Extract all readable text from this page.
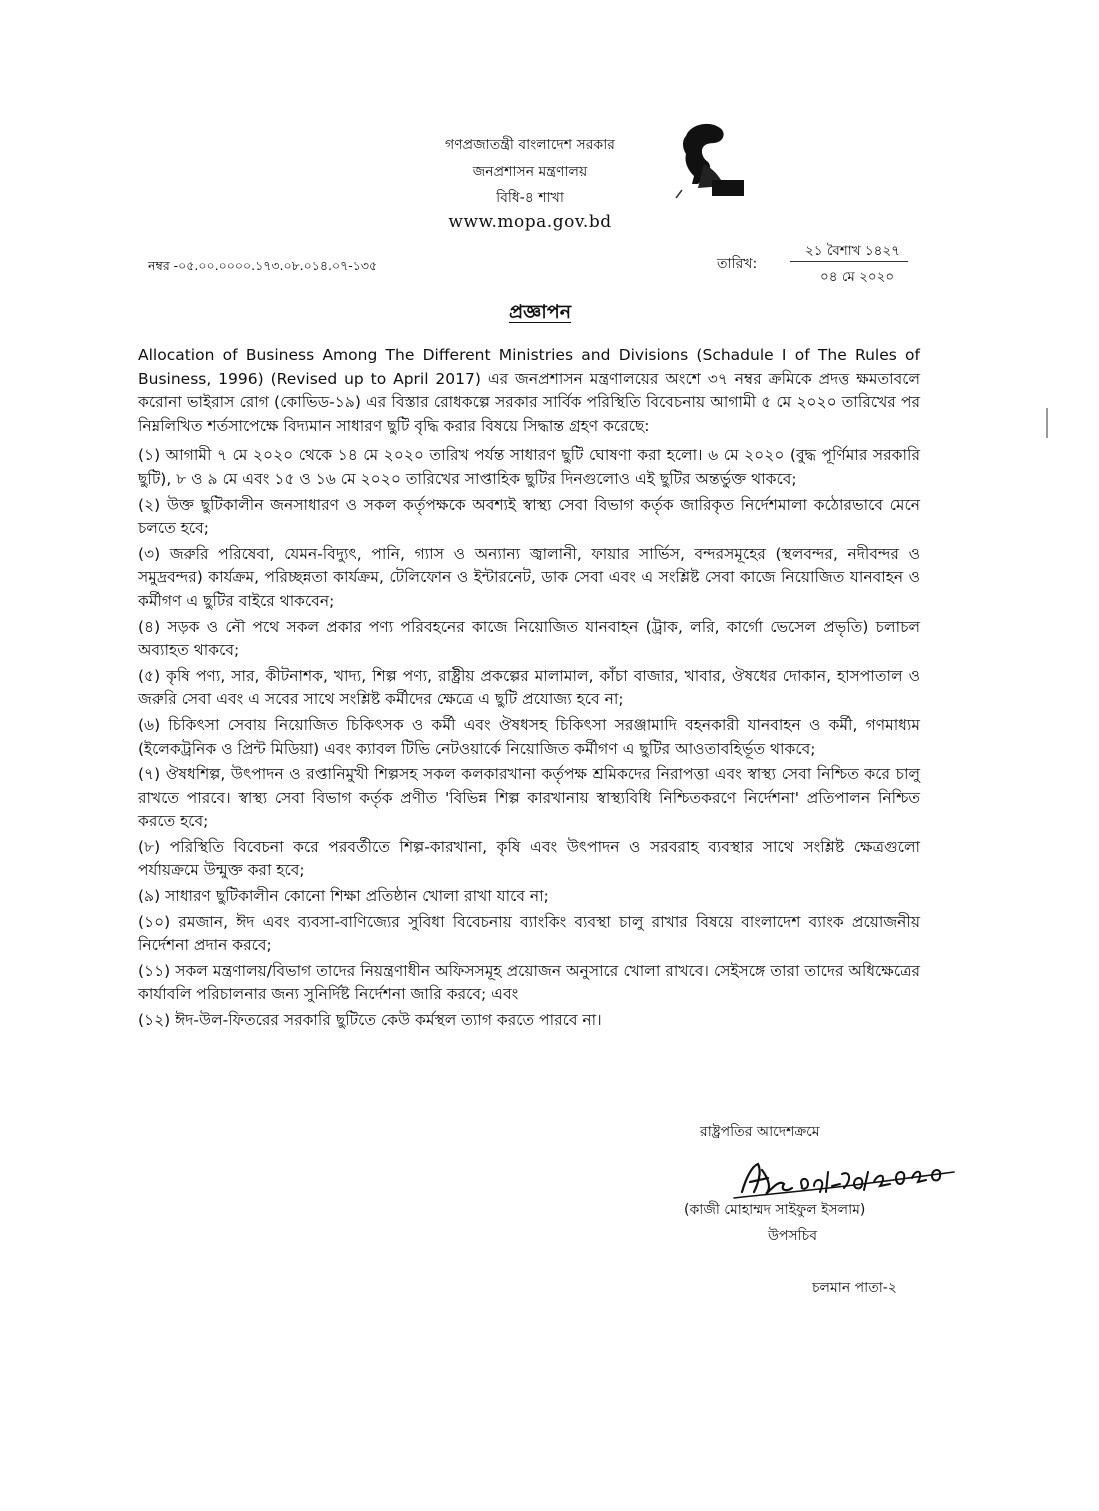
গণপ্রজাতন্ত্রী বাংলাদেশ সরকার
জনপ্রশাসন মন্ত্রণালয়
বিধি-৪ শাখা
www.mopa.gov.bd
নম্বর -০৫.০০.০০০০.১৭৩.০৮.০১৪.০৭-১৩৫	তারিখ:
২১ বৈশাখ ১৪২৭
০৪ মে ২০২০
প্রজ্ঞাপন

Allocation of Business Among The Different Ministries and Divisions (Schadule I of The Rules of Business, 1996) (Revised up to April 2017) এর জনপ্রশাসন মন্ত্রণালয়ের অংশে ৩৭ নম্বর ক্রমিকে প্রদত্ত ক্ষমতাবলে করোনা ভাইরাস রোগ (কোভিড-১৯) এর বিস্তার রোধকল্পে সরকার সার্বিক পরিস্থিতি বিবেচনায় আগামী ৫ মে ২০২০ তারিখের পর নিম্নলিখিত শর্তসাপেক্ষে বিদ্যমান সাধারণ ছুটি বৃদ্ধি করার বিষয়ে সিদ্ধান্ত গ্রহণ করেছে:

(১) আগামী ৭ মে ২০২০ থেকে ১৪ মে ২০২০ তারিখ পর্যন্ত সাধারণ ছুটি ঘোষণা করা হলো। ৬ মে ২০২০ (বুদ্ধ পূর্ণিমার সরকারি ছুটি), ৮ ও ৯ মে এবং ১৫ ও ১৬ মে ২০২০ তারিখের সাপ্তাহিক ছুটির দিনগুলোও এই ছুটির অন্তর্ভুক্ত থাকবে;

(২) উক্ত ছুটিকালীন জনসাধারণ ও সকল কর্তৃপক্ষকে অবশ্যই স্বাস্থ্য সেবা বিভাগ কর্তৃক জারিকৃত নির্দেশমালা কঠোরভাবে মেনে চলতে হবে;

(৩) জরুরি পরিষেবা, যেমন-বিদ্যুৎ, পানি, গ্যাস ও অন্যান্য জ্বালানী, ফায়ার সার্ভিস, বন্দরসমূহের (স্থলবন্দর, নদীবন্দর ও সমুদ্রবন্দর) কার্যক্রম, পরিচ্ছন্নতা কার্যক্রম, টেলিফোন ও ইন্টারনেট, ডাক সেবা এবং এ সংশ্লিষ্ট সেবা কাজে নিয়োজিত যানবাহন ও কর্মীগণ এ ছুটির বাইরে থাকবেন;

(৪) সড়ক ও নৌ পথে সকল প্রকার পণ্য পরিবহনের কাজে নিয়োজিত যানবাহন (ট্রাক, লরি, কার্গো ভেসেল প্রভৃতি) চলাচল অব্যাহত থাকবে;

(৫) কৃষি পণ্য, সার, কীটনাশক, খাদ্য, শিল্প পণ্য, রাষ্ট্রীয় প্রকল্পের মালামাল, কাঁচা বাজার, খাবার, ঔষধের দোকান, হাসপাতাল ও জরুরি সেবা এবং এ সবের সাথে সংশ্লিষ্ট কর্মীদের ক্ষেত্রে এ ছুটি প্রযোজ্য হবে না;

(৬) চিকিৎসা সেবায় নিয়োজিত চিকিৎসক ও কর্মী এবং ঔষধসহ চিকিৎসা সরঞ্জামাদি বহনকারী যানবাহন ও কর্মী, গণমাধ্যম (ইলেকট্রনিক ও প্রিন্ট মিডিয়া) এবং ক্যাবল টিভি নেটওয়ার্কে নিয়োজিত কর্মীগণ এ ছুটির আওতাবহির্ভূত থাকবে;

(৭) ঔষধশিল্প, উৎপাদন ও রপ্তানিমুখী শিল্পসহ সকল কলকারখানা কর্তৃপক্ষ শ্রমিকদের নিরাপত্তা এবং স্বাস্থ্য সেবা নিশ্চিত করে চালু রাখতে পারবে। স্বাস্থ্য সেবা বিভাগ কর্তৃক প্রণীত 'বিভিন্ন শিল্প কারখানায় স্বাস্থ্যবিধি নিশ্চিতকরণে নির্দেশনা' প্রতিপালন নিশ্চিত করতে হবে;

(৮) পরিস্থিতি বিবেচনা করে পরবর্তীতে শিল্প-কারখানা, কৃষি এবং উৎপাদন ও সরবরাহ ব্যবস্থার সাথে সংশ্লিষ্ট ক্ষেত্রগুলো পর্যায়ক্রমে উন্মুক্ত করা হবে;

(৯) সাধারণ ছুটিকালীন কোনো শিক্ষা প্রতিষ্ঠান খোলা রাখা যাবে না;

(১০) রমজান, ঈদ এবং ব্যবসা-বাণিজ্যের সুবিধা বিবেচনায় ব্যাংকিং ব্যবস্থা চালু রাখার বিষয়ে বাংলাদেশ ব্যাংক প্রয়োজনীয় নির্দেশনা প্রদান করবে;

(১১) সকল মন্ত্রণালয়/বিভাগ তাদের নিয়ন্ত্রণাধীন অফিসসমূহ প্রয়োজন অনুসারে খোলা রাখবে। সেইসঙ্গে তারা তাদের অধিক্ষেত্রের কার্যাবলি পরিচালনার জন্য সুনির্দিষ্ট নির্দেশনা জারি করবে; এবং

(১২) ঈদ-উল-ফিতরের সরকারি ছুটিতে কেউ কর্মস্থল ত্যাগ করতে পারবে না।

রাষ্ট্রপতির আদেশক্রমে
(কাজী মোহাম্মদ সাইফুল ইসলাম)
উপসচিব
চলমান পাতা-২
